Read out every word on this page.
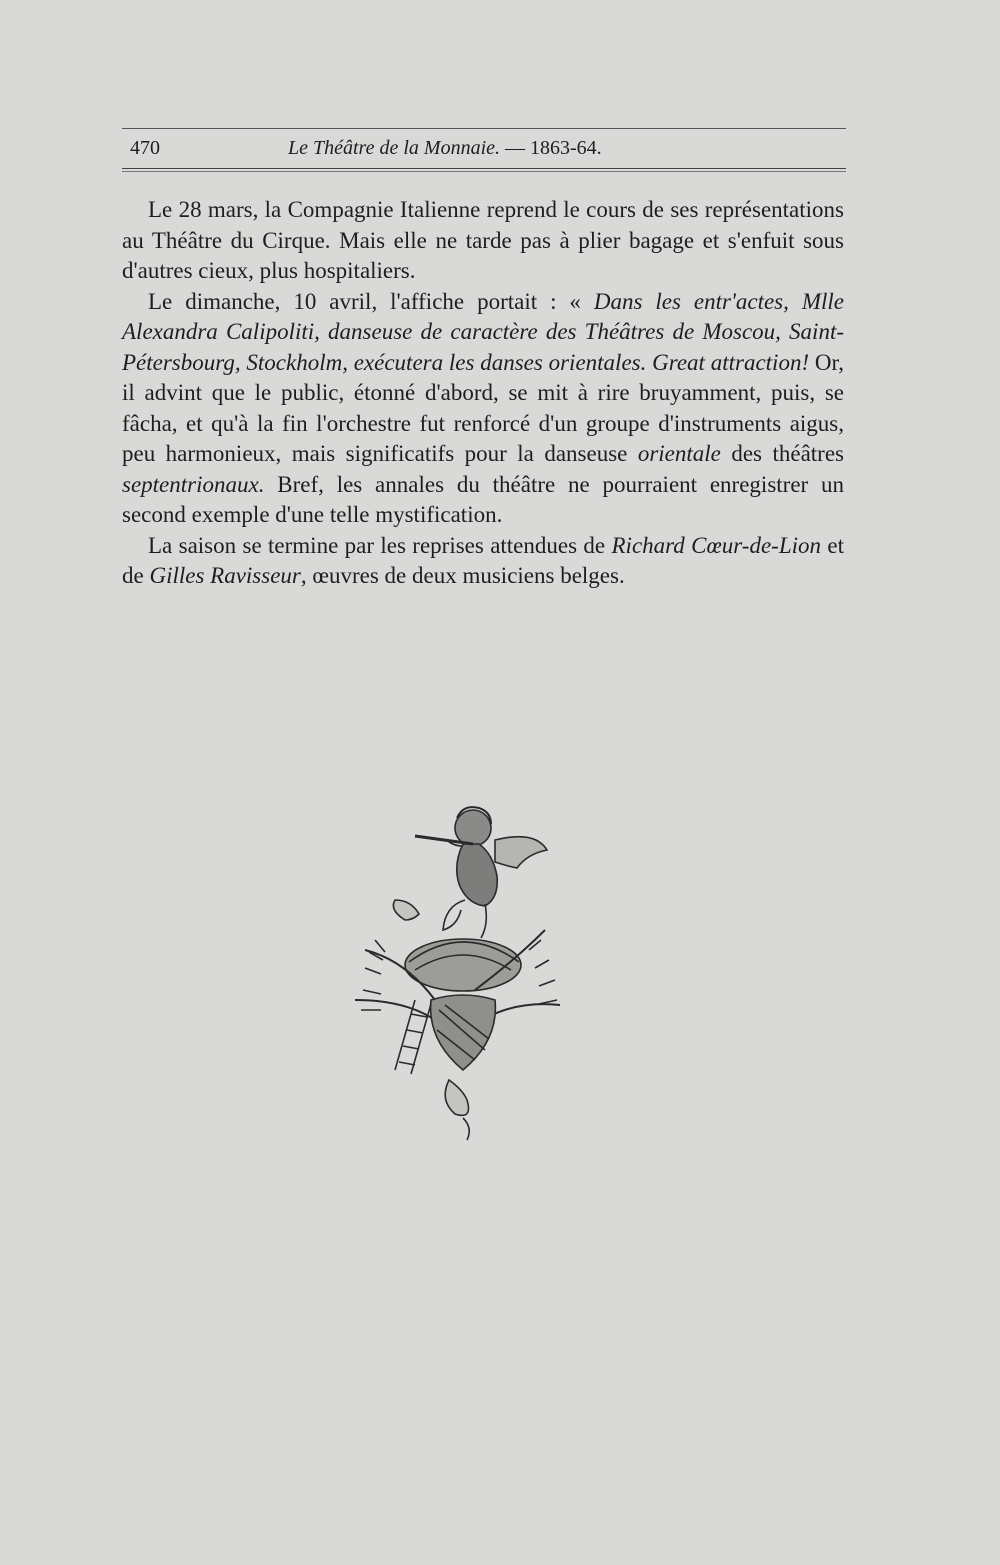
470	Le Théâtre de la Monnaie. — 1863-64.

Le 28 mars, la Compagnie Italienne reprend le cours de ses représentations au Théâtre du Cirque. Mais elle ne tarde pas à plier bagage et s'enfuit sous d'autres cieux, plus hospitaliers.

Le dimanche, 10 avril, l'affiche portait : « Dans les entr'actes, Mlle Alexandra Calipoliti, danseuse de caractère des Théâtres de Moscou, Saint-Pétersbourg, Stockholm, exécutera les danses orientales. Great attraction! Or, il advint que le public, étonné d'abord, se mit à rire bruyamment, puis, se fâcha, et qu'à la fin l'orchestre fut renforcé d'un groupe d'instruments aigus, peu harmonieux, mais significatifs pour la danseuse orientale des théâtres septentrionaux. Bref, les annales du théâtre ne pourraient enregistrer un second exemple d'une telle mystification.

La saison se termine par les reprises attendues de Richard Cœur-de-Lion et de Gilles Ravisseur, œuvres de deux musiciens belges.
